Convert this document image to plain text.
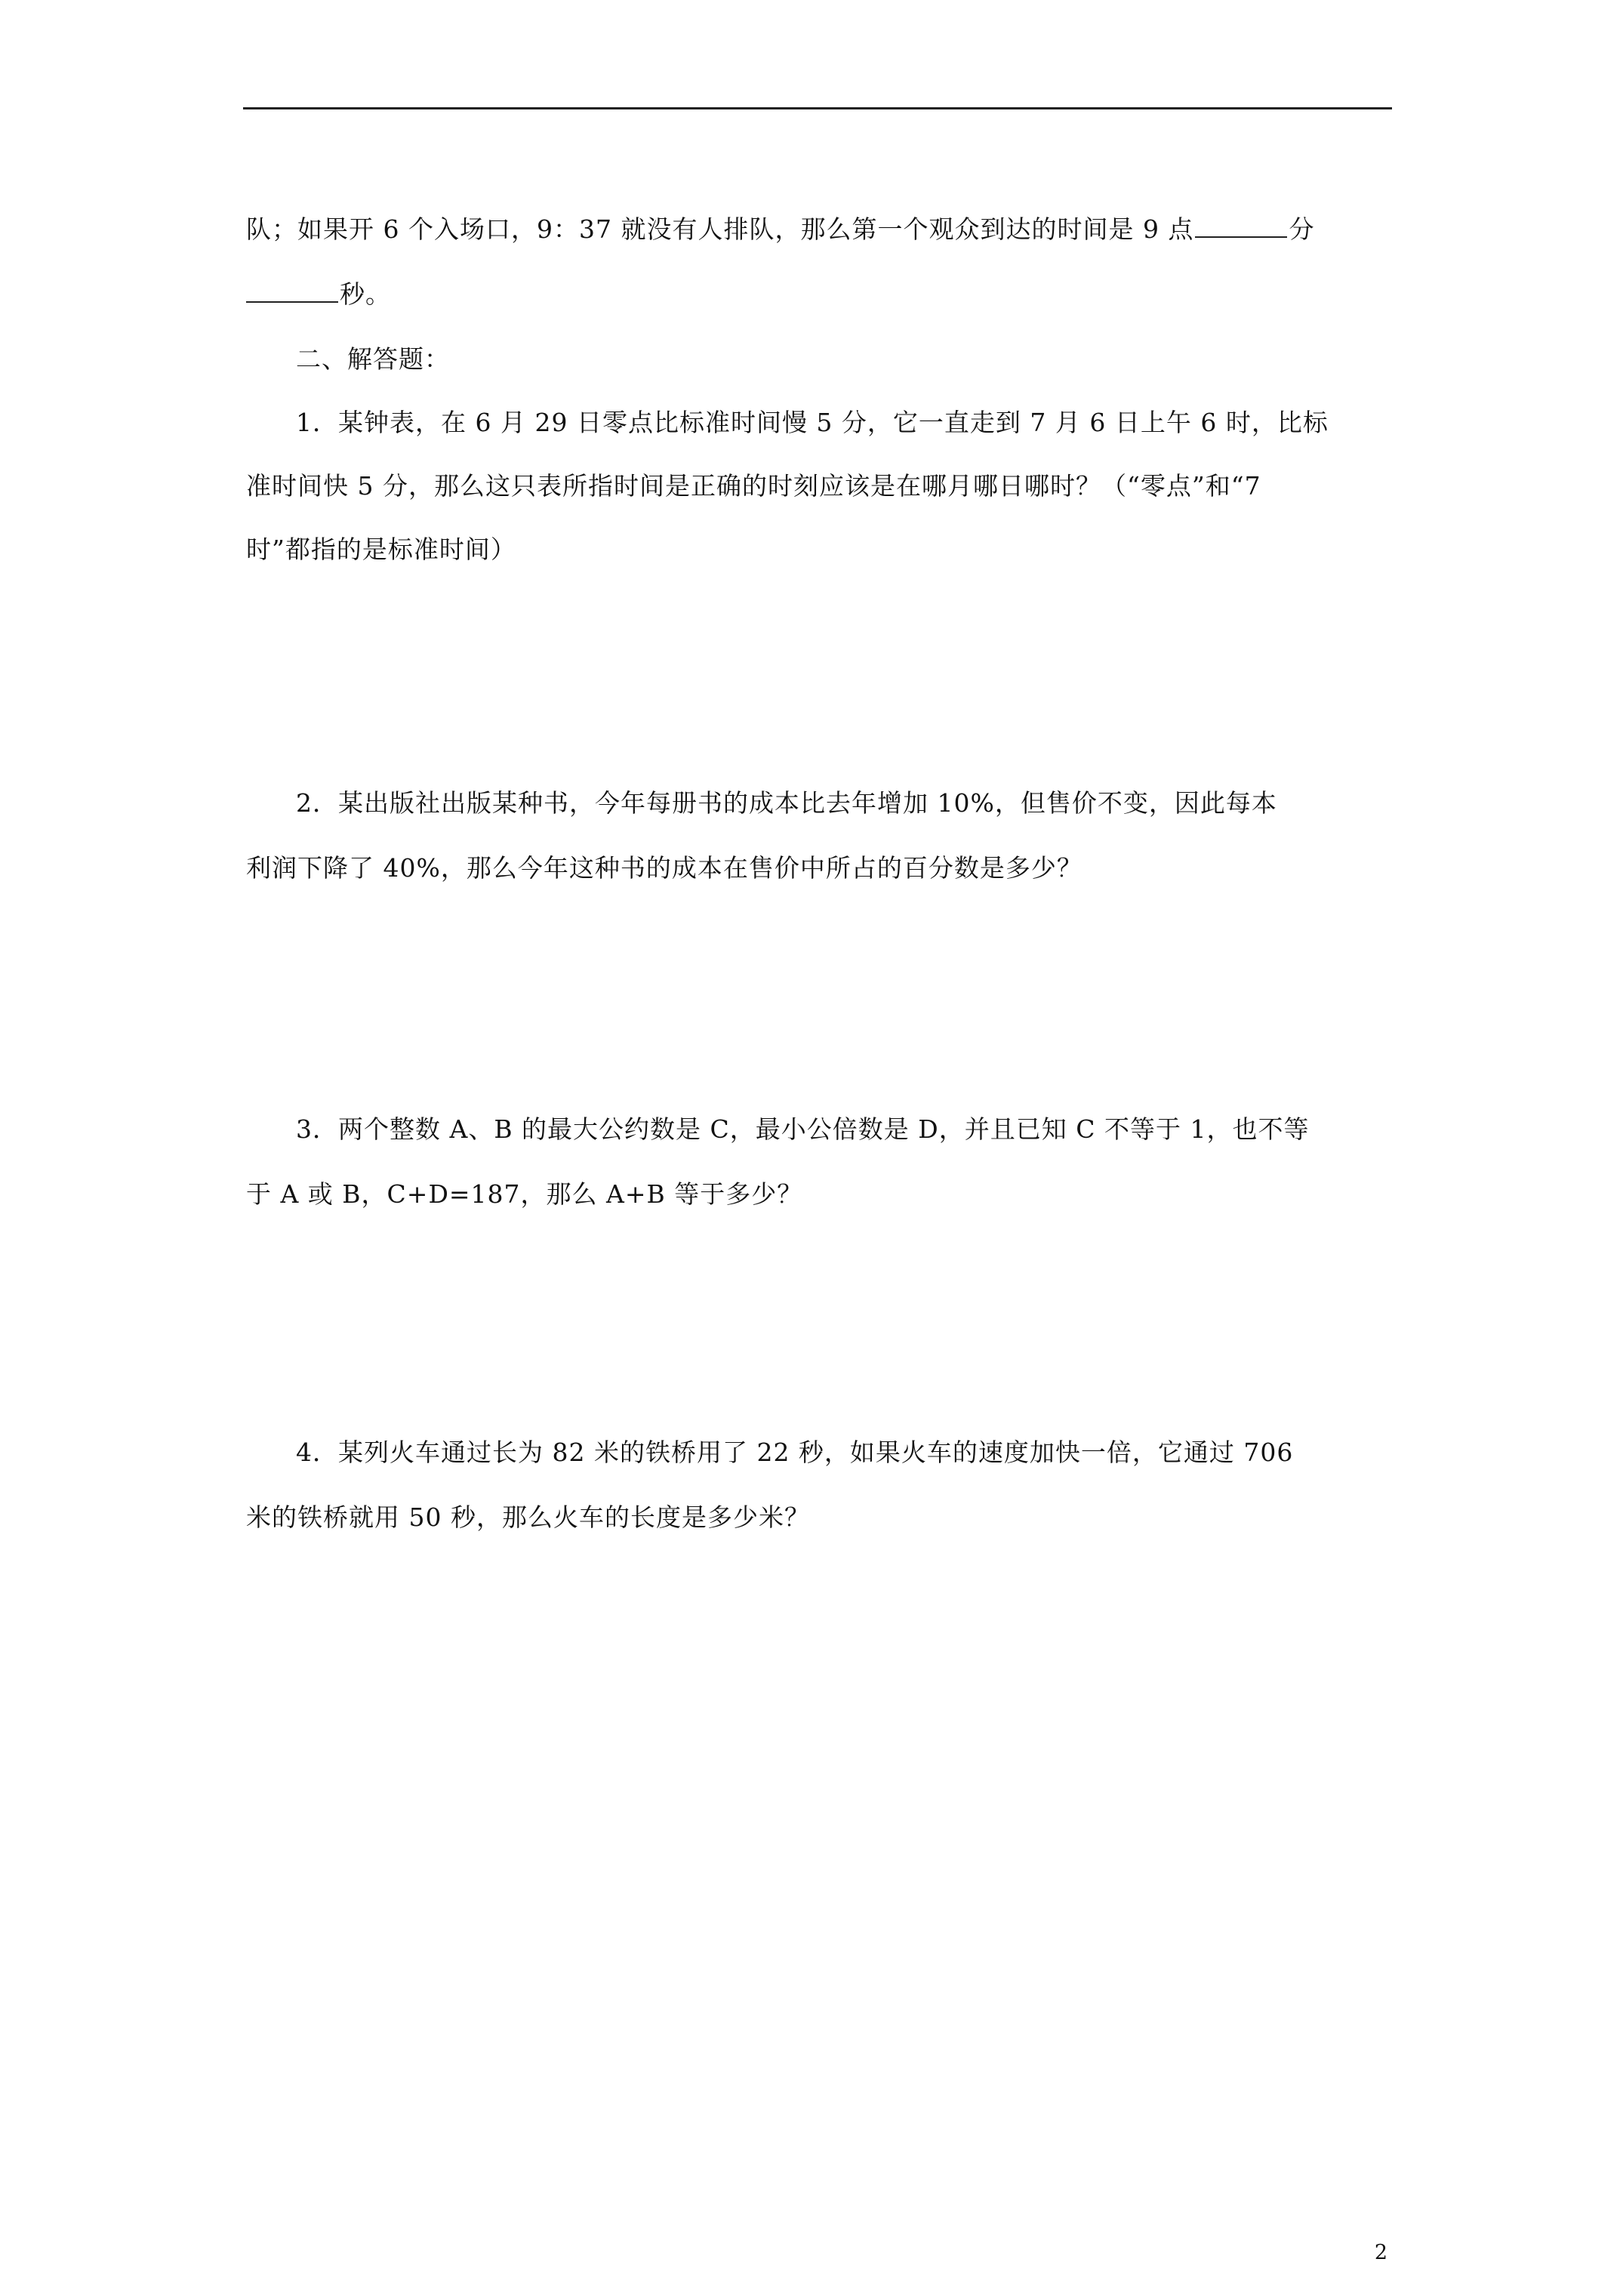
队；如果开 6 个入场口，9：37 就没有人排队，那么第一个观众到达的时间是 9 点	分
秒。
二、解答题：
1．某钟表，在 6 月 29 日零点比标准时间慢 5 分，它一直走到 7 月 6 日上午 6 时，比标
准时间快 5 分，那么这只表所指时间是正确的时刻应该是在哪月哪日哪时？（“零点”和“7
时”都指的是标准时间）
2．某出版社出版某种书，今年每册书的成本比去年增加 10%，但售价不变，因此每本
利润下降了 40%，那么今年这种书的成本在售价中所占的百分数是多少？
3．两个整数 A、B 的最大公约数是 C，最小公倍数是 D，并且已知 C 不等于 1，也不等
于 A 或 B，C+D=187，那么 A+B 等于多少？
4．某列火车通过长为 82 米的铁桥用了 22 秒，如果火车的速度加快一倍，它通过 706
米的铁桥就用 50 秒，那么火车的长度是多少米？
2
